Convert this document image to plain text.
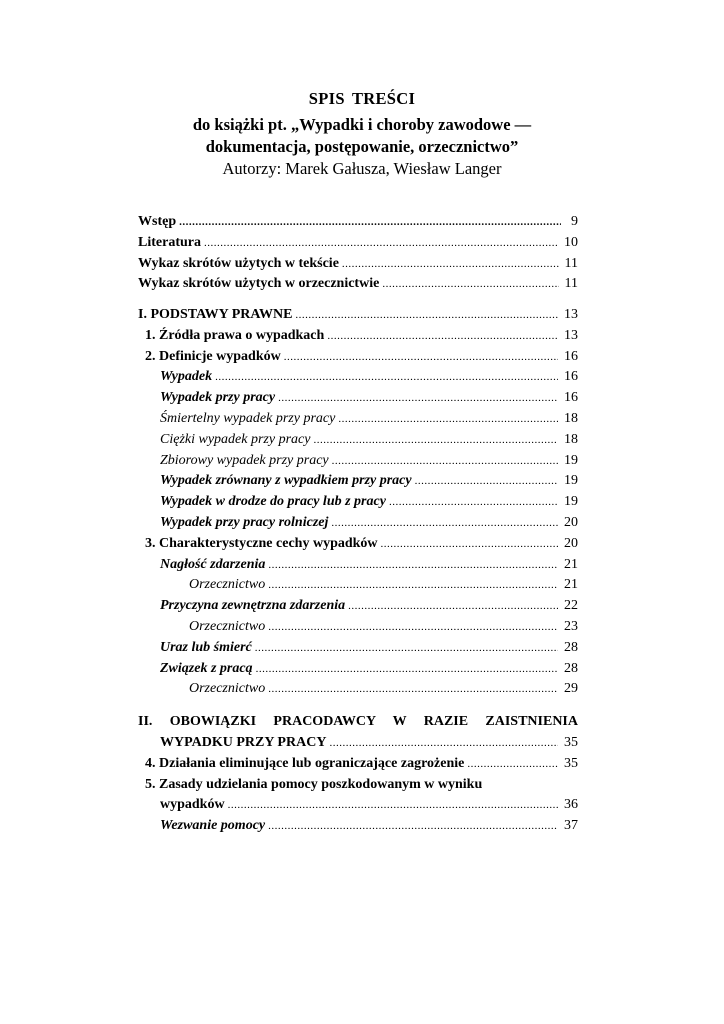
SPIS TREŚCI
do książki pt. „Wypadki i choroby zawodowe —
dokumentacja, postępowanie, orzecznictwo”
Autorzy: Marek Gałusza, Wiesław Langer
Wstęp .....	9
Literatura .....	10
Wykaz skrótów użytych w tekście .....	11
Wykaz skrótów użytych w orzecznictwie .....	11
I. PODSTAWY PRAWNE .....	13
1. Źródła prawa o wypadkach .....	13
2. Definicje wypadków .....	16
Wypadek .....	16
Wypadek przy pracy .....	16
Śmiertelny wypadek przy pracy .....	18
Ciężki wypadek przy pracy .....	18
Zbiorowy wypadek przy pracy .....	19
Wypadek zrównany z wypadkiem przy pracy .....	19
Wypadek w drodze do pracy lub z pracy .....	19
Wypadek przy pracy rolniczej .....	20
3. Charakterystyczne cechy wypadków .....	20
Nagłość zdarzenia .....	21
Orzecznictwo .....	21
Przyczyna zewnętrzna zdarzenia .....	22
Orzecznictwo .....	23
Uraz lub śmierć .....	28
Związek z pracą .....	28
Orzecznictwo .....	29
II. OBOWIĄZKI PRACODAWCY W RAZIE ZAISTNIENIA
WYPADKU PRZY PRACY .....	35
4. Działania eliminujące lub ograniczające zagrożenie .....	35
5. Zasady udzielania pomocy poszkodowanym w wyniku
wypadków .....	36
Wezwanie pomocy .....	37
